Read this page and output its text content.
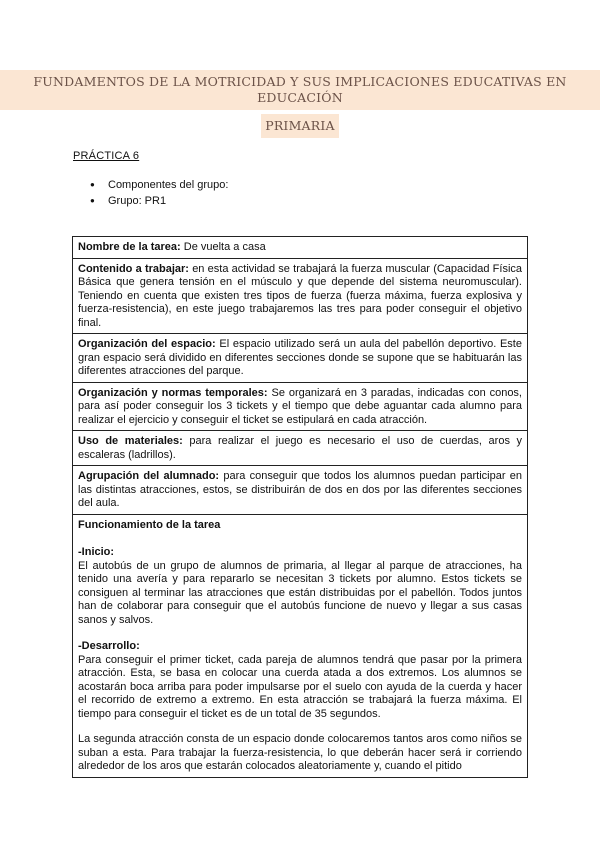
FUNDAMENTOS DE LA MOTRICIDAD Y SUS IMPLICACIONES EDUCATIVAS EN EDUCACIÓN
PRIMARIA
PRÁCTICA 6
● Componentes del grupo:
● Grupo: PR1
Nombre de la tarea: De vuelta a casa
Contenido a trabajar: en esta actividad se trabajará la fuerza muscular (Capacidad Física Básica que genera tensión en el músculo y que depende del sistema neuromuscular). Teniendo en cuenta que existen tres tipos de fuerza (fuerza máxima, fuerza explosiva y fuerza-resistencia), en este juego trabajaremos las tres para poder conseguir el objetivo final.
Organización del espacio: El espacio utilizado será un aula del pabellón deportivo. Este gran espacio será dividido en diferentes secciones donde se supone que se habituarán las diferentes atracciones del parque.
Organización y normas temporales: Se organizará en 3 paradas, indicadas con conos, para así poder conseguir los 3 tickets y el tiempo que debe aguantar cada alumno para realizar el ejercicio y conseguir el ticket se estipulará en cada atracción.
Uso de materiales: para realizar el juego es necesario el uso de cuerdas, aros y escaleras (ladrillos).
Agrupación del alumnado: para conseguir que todos los alumnos puedan participar en las distintas atracciones, estos, se distribuirán de dos en dos por las diferentes secciones del aula.

Funcionamiento de la tarea
-Inicio:

El autobús de un grupo de alumnos de primaria, al llegar al parque de atracciones, ha tenido una avería y para repararlo se necesitan 3 tickets por alumno. Estos tickets se consiguen al terminar las atracciones que están distribuidas por el pabellón. Todos juntos han de colaborar para conseguir que el autobús funcione de nuevo y llegar a sus casas sanos y salvos.

-Desarrollo:

Para conseguir el primer ticket, cada pareja de alumnos tendrá que pasar por la primera atracción. Esta, se basa en colocar una cuerda atada a dos extremos. Los alumnos se acostarán boca arriba para poder impulsarse por el suelo con ayuda de la cuerda y hacer el recorrido de extremo a extremo. En esta atracción se trabajará la fuerza máxima. El tiempo para conseguir el ticket es de un total de 35 segundos.

La segunda atracción consta de un espacio donde colocaremos tantos aros como niños se suban a esta. Para trabajar la fuerza-resistencia, lo que deberán hacer será ir corriendo alrededor de los aros que estarán colocados aleatoriamente y, cuando el pitido
